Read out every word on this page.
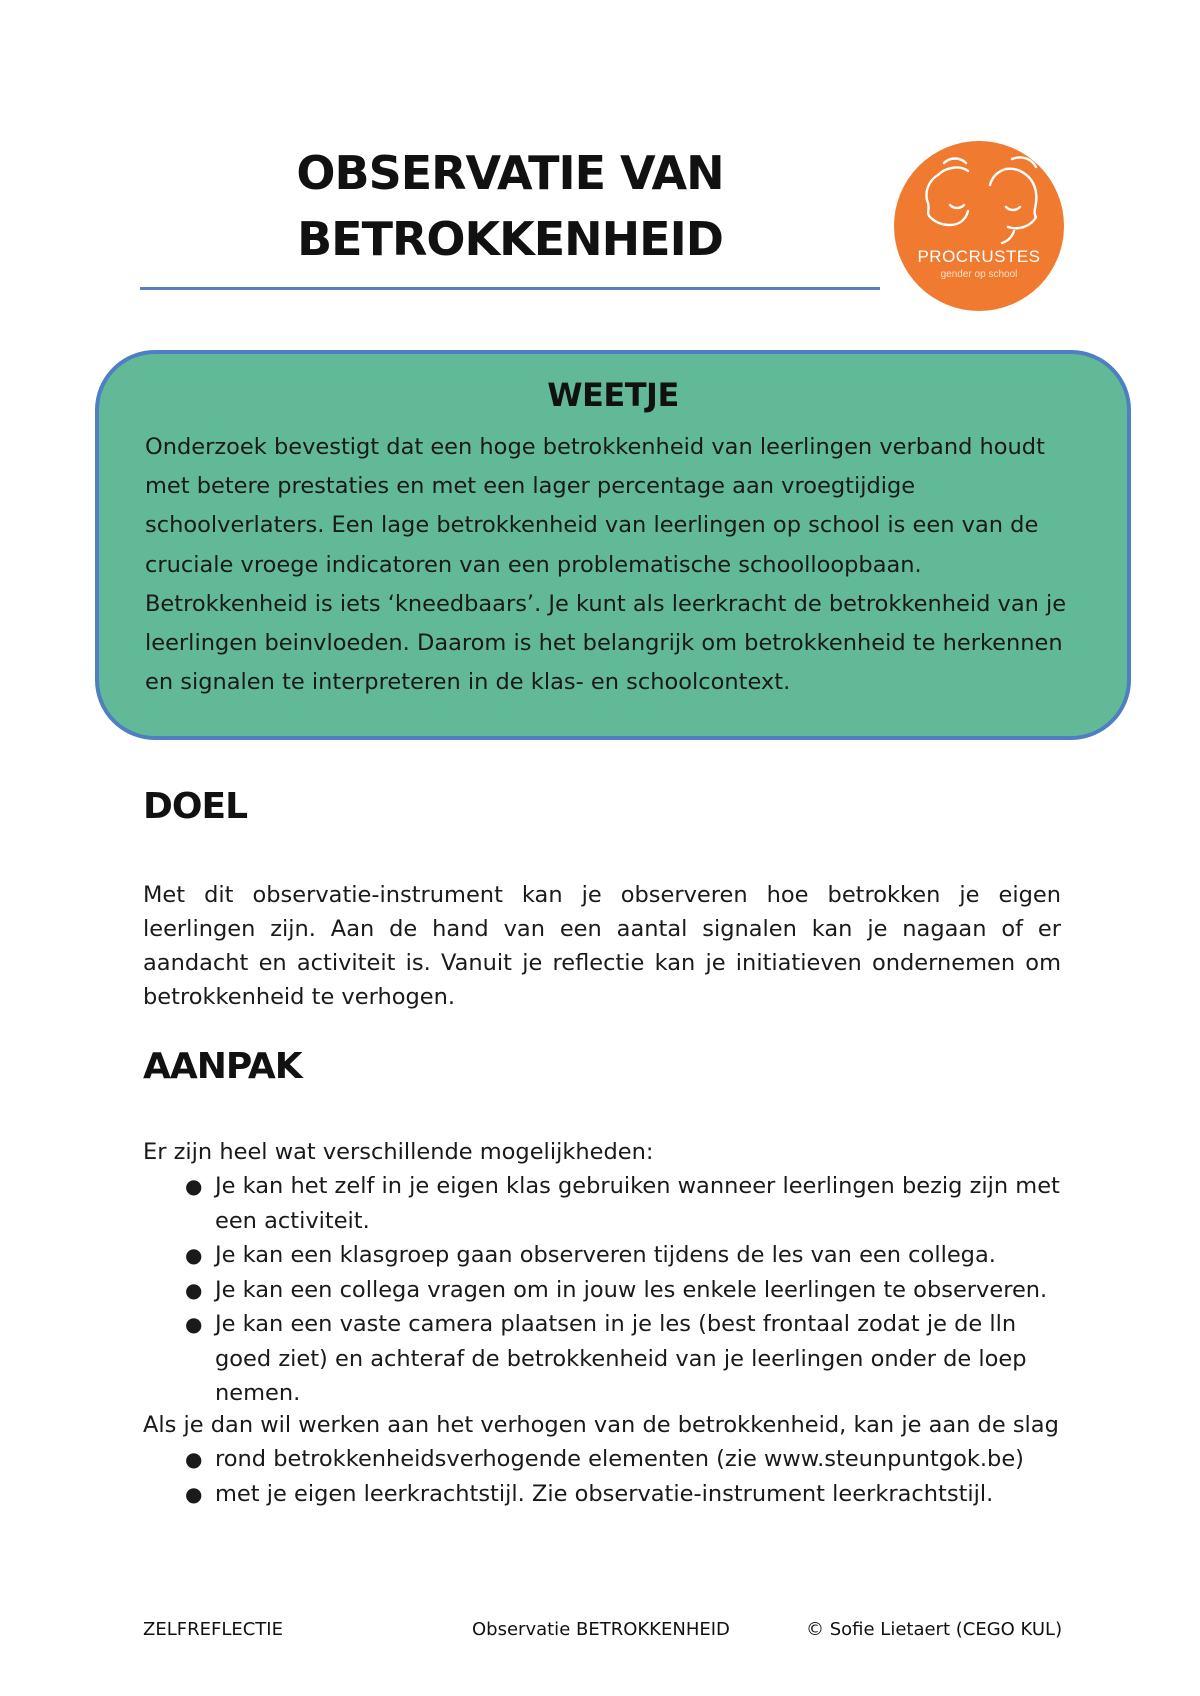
OBSERVATIE VAN
BETROKKENHEID	PROCRUSTES

gender op school

WEETJE
Onderzoek bevestigt dat een hoge betrokkenheid van leerlingen verband houdt met betere prestaties en met een lager percentage aan vroegtijdige schoolverlaters. Een lage betrokkenheid van leerlingen op school is een van de cruciale vroege indicatoren van een problematische schoolloopbaan.
Betrokkenheid is iets ‘kneedbaars’. Je kunt als leerkracht de betrokkenheid van je leerlingen beinvloeden. Daarom is het belangrijk om betrokkenheid te herkennen en signalen te interpreteren in de klas- en schoolcontext.
DOEL

Met dit observatie-instrument kan je observeren hoe betrokken je eigen leerlingen zijn. Aan de hand van een aantal signalen kan je nagaan of er aandacht en activiteit is. Vanuit je reflectie kan je initiatieven ondernemen om betrokkenheid te verhogen.

AANPAK

Er zijn heel wat verschillende mogelijkheden:

● Je kan het zelf in je eigen klas gebruiken wanneer leerlingen bezig zijn met een activiteit.
● Je kan een klasgroep gaan observeren tijdens de les van een collega.
● Je kan een collega vragen om in jouw les enkele leerlingen te observeren.
● Je kan een vaste camera plaatsen in je les (best frontaal zodat je de lln goed ziet) en achteraf de betrokkenheid van je leerlingen onder de loep nemen.

Als je dan wil werken aan het verhogen van de betrokkenheid, kan je aan de slag

● rond betrokkenheidsverhogende elementen (zie www.steunpuntgok.be)
● met je eigen leerkrachtstijl. Zie observatie-instrument leerkrachtstijl.

ZELFREFLECTIE	Observatie BETROKKENHEID	© Sofie Lietaert (CEGO KUL)
